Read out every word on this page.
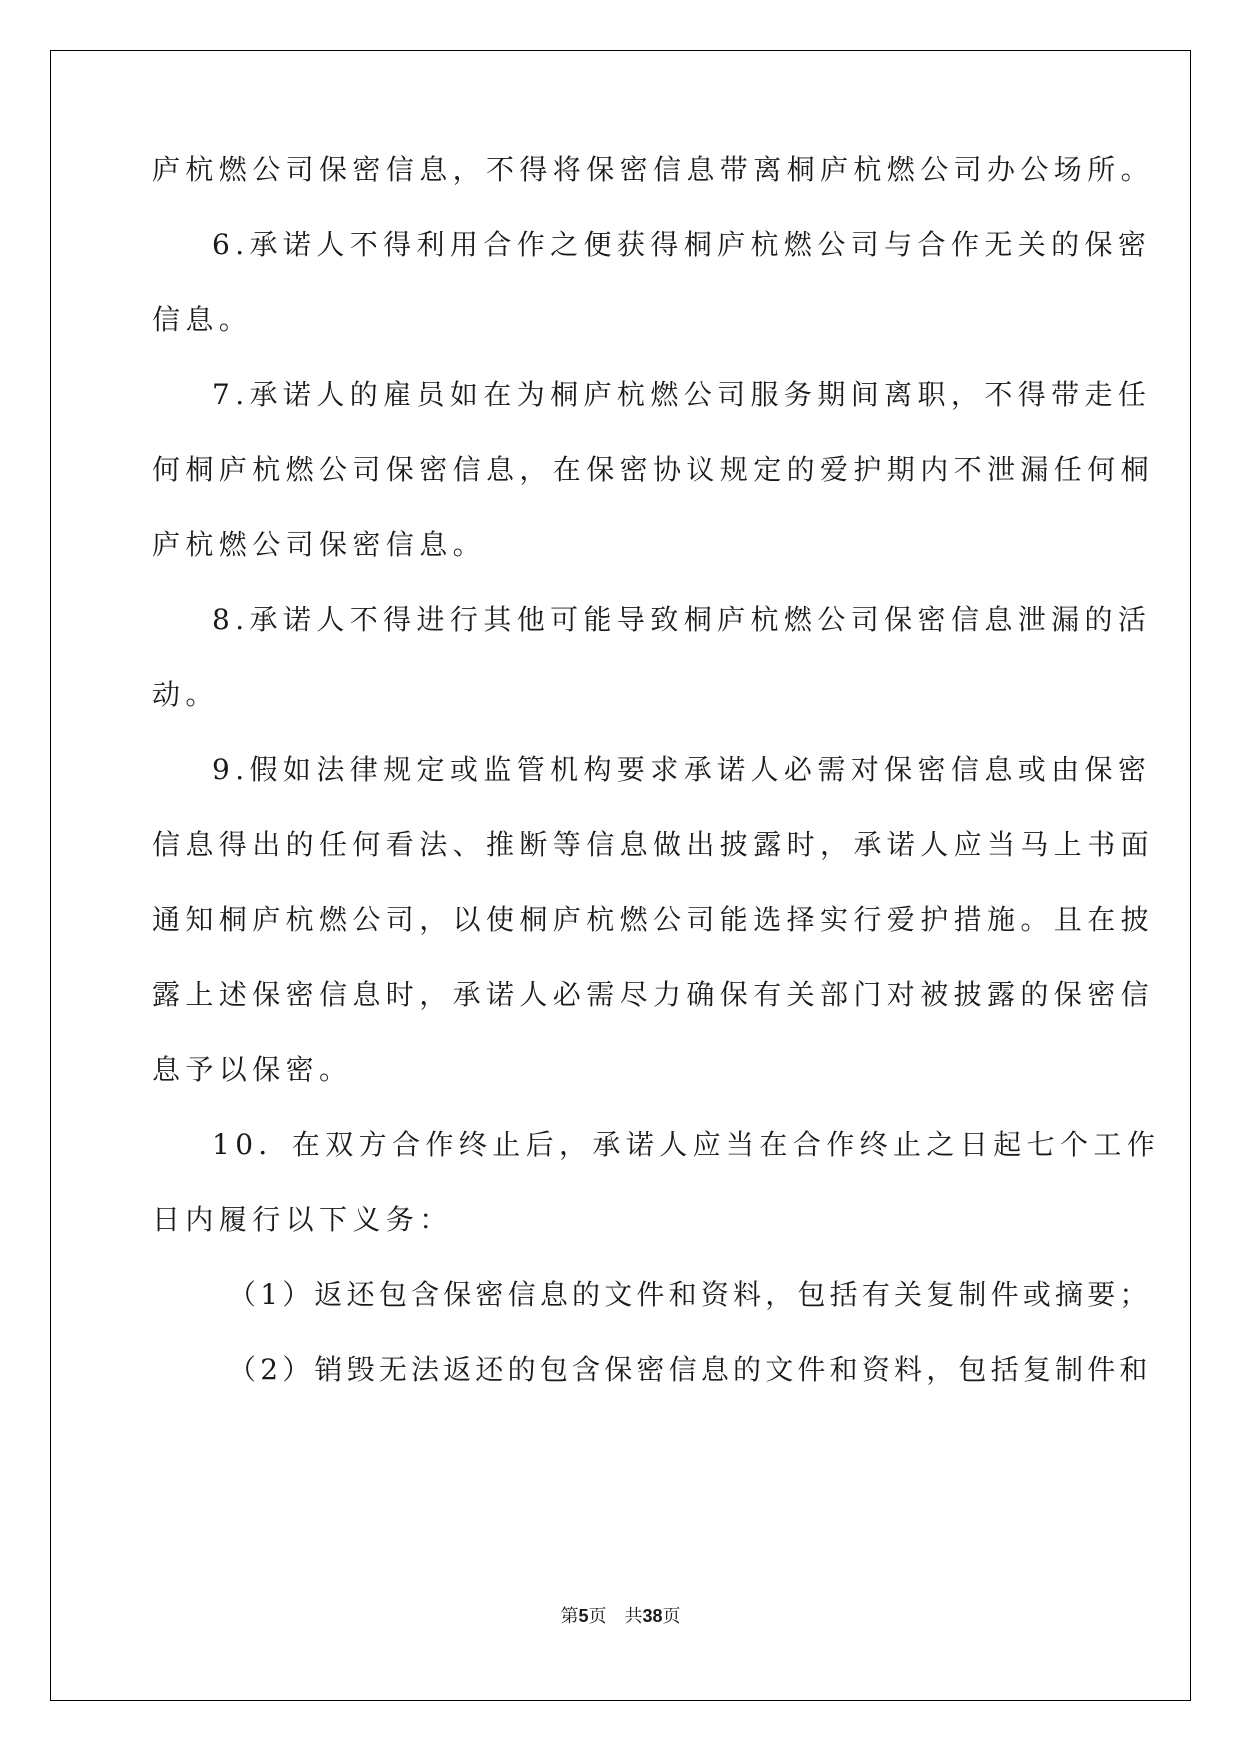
庐杭燃公司保密信息，不得将保密信息带离桐庐杭燃公司办公场所。
6.承诺人不得利用合作之便获得桐庐杭燃公司与合作无关的保密
信息。
7.承诺人的雇员如在为桐庐杭燃公司服务期间离职，不得带走任
何桐庐杭燃公司保密信息，在保密协议规定的爱护期内不泄漏任何桐
庐杭燃公司保密信息。
8.承诺人不得进行其他可能导致桐庐杭燃公司保密信息泄漏的活
动。
9.假如法律规定或监管机构要求承诺人必需对保密信息或由保密
信息得出的任何看法、推断等信息做出披露时，承诺人应当马上书面
通知桐庐杭燃公司，以使桐庐杭燃公司能选择实行爱护措施。且在披
露上述保密信息时，承诺人必需尽力确保有关部门对被披露的保密信
息予以保密。
10．在双方合作终止后，承诺人应当在合作终止之日起七个工作
日内履行以下义务：
（1）返还包含保密信息的文件和资料，包括有关复制件或摘要；
（2）销毁无法返还的包含保密信息的文件和资料，包括复制件和
第5页　共38页
